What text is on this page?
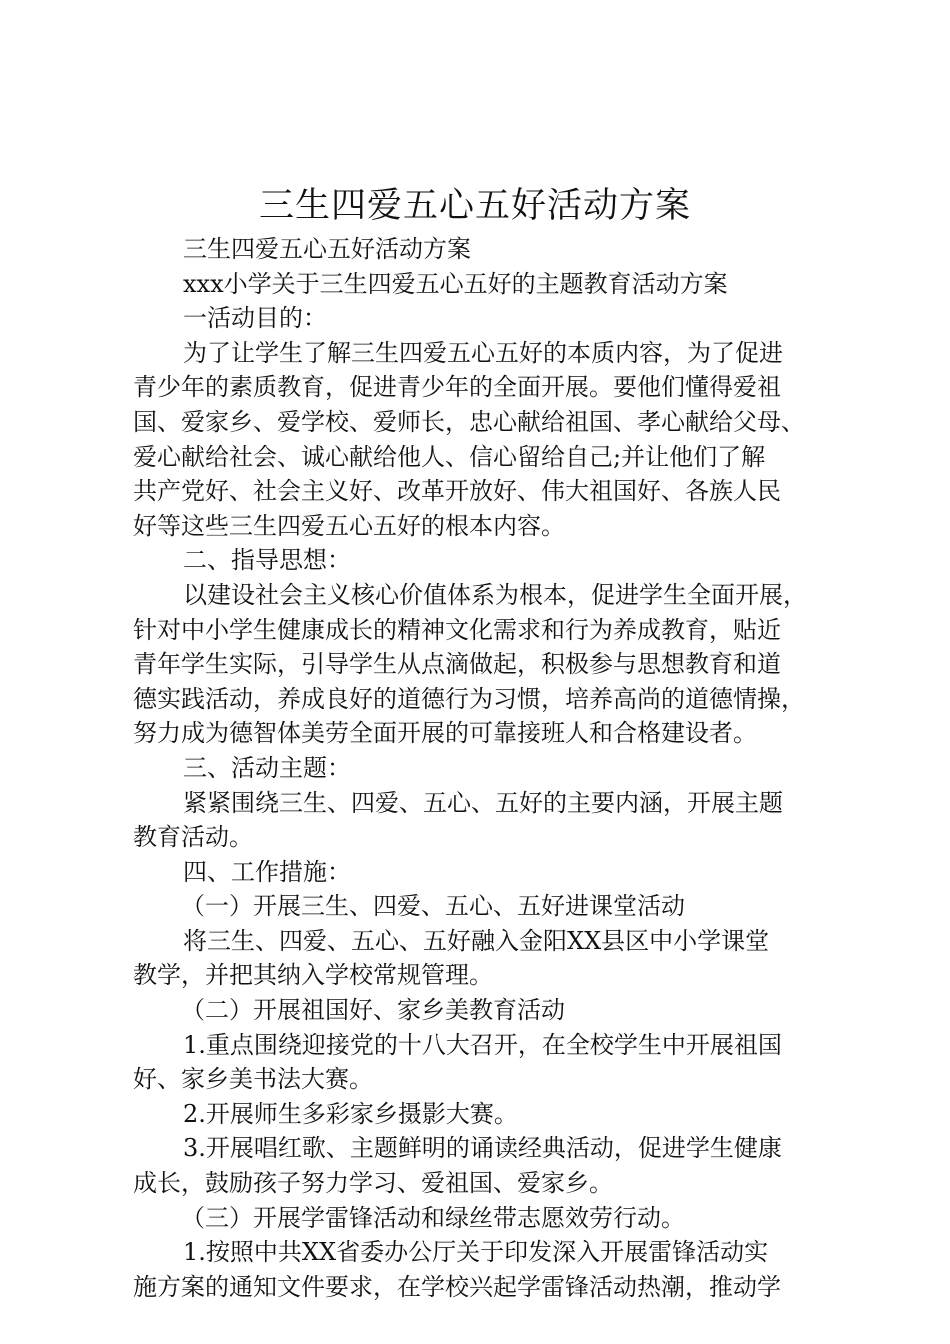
三生四爱五心五好活动方案

三生四爱五心五好活动方案

xxx小学关于三生四爱五心五好的主题教育活动方案

一活动目的：

为了让学生了解三生四爱五心五好的本质内容，为了促进

青少年的素质教育，促进青少年的全面开展。要他们懂得爱祖

国、爱家乡、爱学校、爱师长，忠心献给祖国、孝心献给父母、

爱心献给社会、诚心献给他人、信心留给自己;并让他们了解

共产党好、社会主义好、改革开放好、伟大祖国好、各族人民

好等这些三生四爱五心五好的根本内容。

二、指导思想：

以建设社会主义核心价值体系为根本，促进学生全面开展，

针对中小学生健康成长的精神文化需求和行为养成教育，贴近

青年学生实际，引导学生从点滴做起，积极参与思想教育和道

德实践活动，养成良好的道德行为习惯，培养高尚的道德情操，

努力成为德智体美劳全面开展的可靠接班人和合格建设者。

三、活动主题：

紧紧围绕三生、四爱、五心、五好的主要内涵，开展主题

教育活动。

四、工作措施：

（一）开展三生、四爱、五心、五好进课堂活动

将三生、四爱、五心、五好融入金阳XX县区中小学课堂

教学，并把其纳入学校常规管理。

（二）开展祖国好、家乡美教育活动

1.重点围绕迎接党的十八大召开，在全校学生中开展祖国

好、家乡美书法大赛。

2.开展师生多彩家乡摄影大赛。

3.开展唱红歌、主题鲜明的诵读经典活动，促进学生健康

成长，鼓励孩子努力学习、爱祖国、爱家乡。

（三）开展学雷锋活动和绿丝带志愿效劳行动。

1.按照中共XX省委办公厅关于印发深入开展雷锋活动实

施方案的通知文件要求，在学校兴起学雷锋活动热潮，推动学
